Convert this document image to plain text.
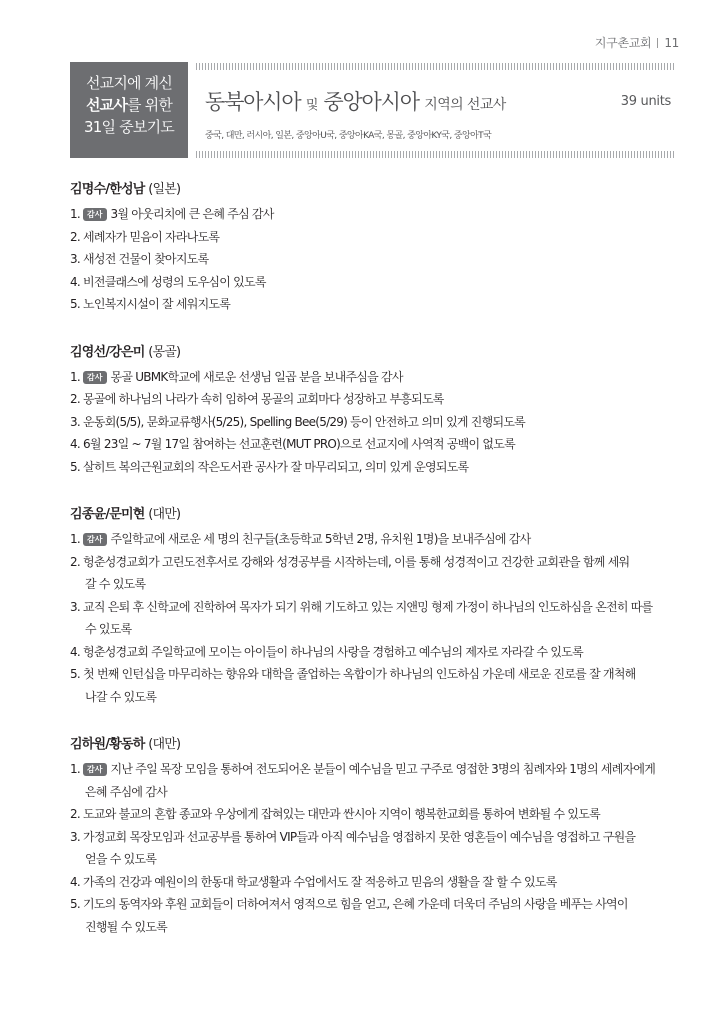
지구촌교회 11
선교지에 계신
선교사를 위한
31일 중보기도
동북아시아 및 중앙아시아 지역의 선교사	39 units
중국, 대만, 러시아, 일본, 중앙아U국, 중앙아KA국, 몽골, 중앙아KY국, 중앙아T국
김명수/한성남 (일본)
1. 감사 3월 아웃리치에 큰 은혜 주심 감사
2. 세례자가 믿음이 자라나도록
3. 새성전 건물이 찾아지도록
4. 비전클래스에 성령의 도우심이 있도록
5. 노인복지시설이 잘 세워지도록
김영선/강은미 (몽골)
1. 감사 몽골 UBMK학교에 새로운 선생님 일곱 분을 보내주심을 감사
2. 몽골에 하나님의 나라가 속히 임하여 몽골의 교회마다 성장하고 부흥되도록
3. 운동회(5/5), 문화교류행사(5/25), Spelling Bee(5/29) 등이 안전하고 의미 있게 진행되도록
4. 6월 23일 ~ 7월 17일 참여하는 선교훈련(MUT PRO)으로 선교지에 사역적 공백이 없도록
5. 살히트 복의근원교회의 작은도서관 공사가 잘 마무리되고, 의미 있게 운영되도록
김종윤/문미현 (대만)
1. 감사 주일학교에 새로운 세 명의 친구들(초등학교 5학년 2명, 유치원 1명)을 보내주심에 감사
2. 헝춘성경교회가 고린도전후서로 강해와 성경공부를 시작하는데, 이를 통해 성경적이고 건강한 교회관을 함께 세워
갈 수 있도록
3. 교직 은퇴 후 신학교에 진학하여 목자가 되기 위해 기도하고 있는 지앤밍 형제 가정이 하나님의 인도하심을 온전히 따를
수 있도록
4. 헝춘성경교회 주일학교에 모이는 아이들이 하나님의 사랑을 경험하고 예수님의 제자로 자라갈 수 있도록
5. 첫 번째 인턴십을 마무리하는 향유와 대학을 졸업하는 옥합이가 하나님의 인도하심 가운데 새로운 진로를 잘 개척해
나갈 수 있도록
김하원/황동하 (대만)
1. 감사 지난 주일 목장 모임을 통하여 전도되어온 분들이 예수님을 믿고 구주로 영접한 3명의 침례자와 1명의 세례자에게
은혜 주심에 감사
2. 도교와 불교의 혼합 종교와 우상에게 잡혀있는 대만과 싼시아 지역이 행복한교회를 통하여 변화될 수 있도록
3. 가정교회 목장모임과 선교공부를 통하여 VIP들과 아직 예수님을 영접하지 못한 영혼들이 예수님을 영접하고 구원을
얻을 수 있도록
4. 가족의 건강과 예원이의 한동대 학교생활과 수업에서도 잘 적응하고 믿음의 생활을 잘 할 수 있도록
5. 기도의 동역자와 후원 교회들이 더하여져서 영적으로 힘을 얻고, 은혜 가운데 더욱더 주님의 사랑을 베푸는 사역이
진행될 수 있도록
